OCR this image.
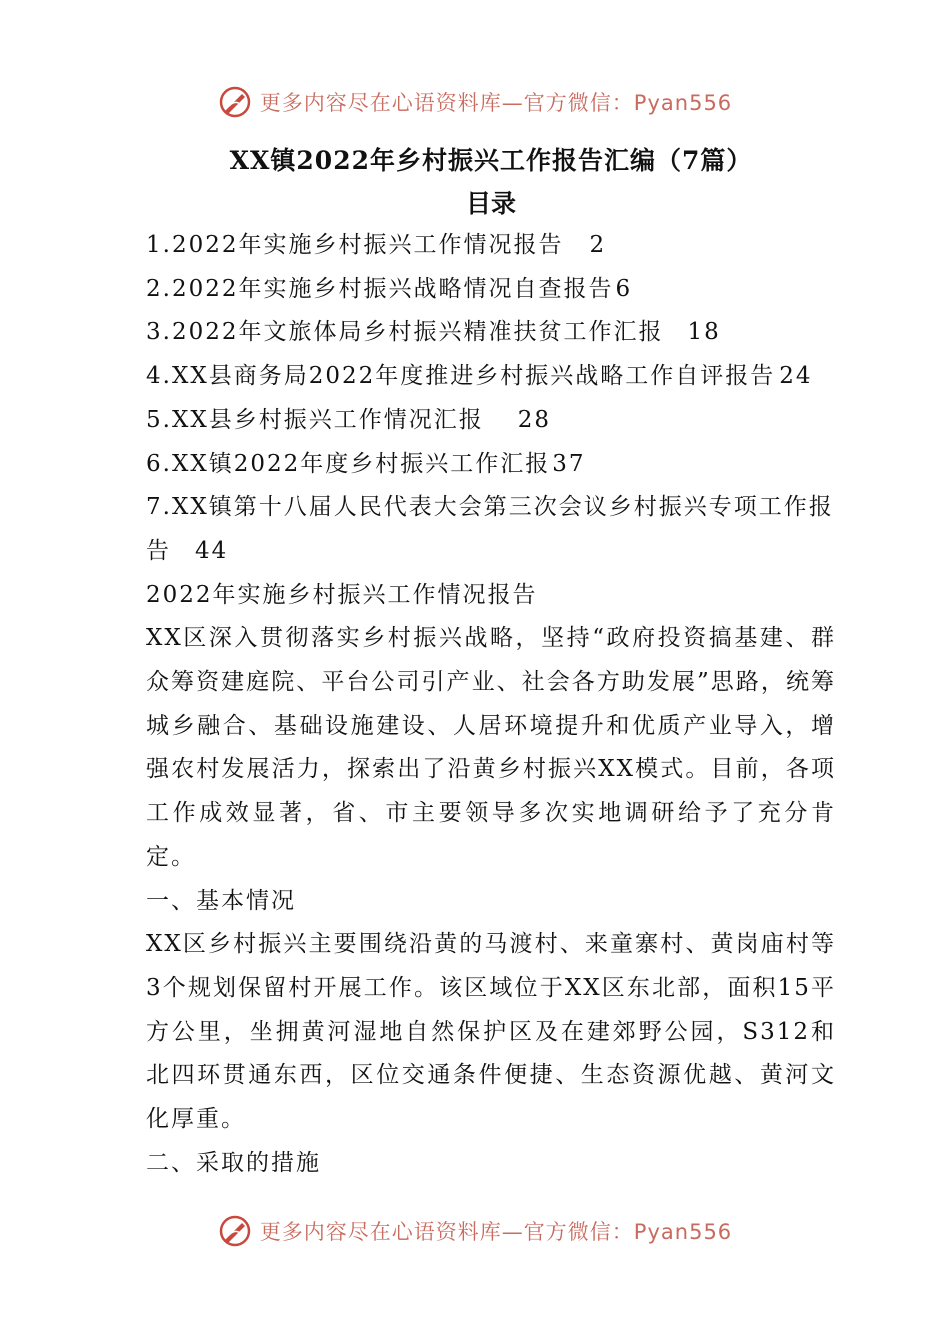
更多内容尽在心语资料库—官方微信：Pyan556
XX镇2022年乡村振兴工作报告汇编（7篇）
目录
1.2022年实施乡村振兴工作情况报告 2
2.2022年实施乡村振兴战略情况自查报告6
3.2022年文旅体局乡村振兴精准扶贫工作汇报 18
4.XX县商务局2022年度推进乡村振兴战略工作自评报告 24
5.XX县乡村振兴工作情况汇报 28
6.XX镇2022年度乡村振兴工作汇报37
7.XX镇第十八届人民代表大会第三次会议乡村振兴专项工作报告 44

2022年实施乡村振兴工作情况报告

XX区深入贯彻落实乡村振兴战略，坚持“政府投资搞基建、群众筹资建庭院、平台公司引产业、社会各方助发展”思路，统筹城乡融合、基础设施建设、人居环境提升和优质产业导入，增强农村发展活力，探索出了沿黄乡村振兴XX模式。目前，各项工作成效显著，省、市主要领导多次实地调研给予了充分肯定。

一、基本情况

XX区乡村振兴主要围绕沿黄的马渡村、来童寨村、黄岗庙村等3个规划保留村开展工作。该区域位于XX区东北部，面积15平方公里，坐拥黄河湿地自然保护区及在建郊野公园，S312和北四环贯通东西，区位交通条件便捷、生态资源优越、黄河文化厚重。

二、采取的措施

更多内容尽在心语资料库—官方微信：Pyan556
